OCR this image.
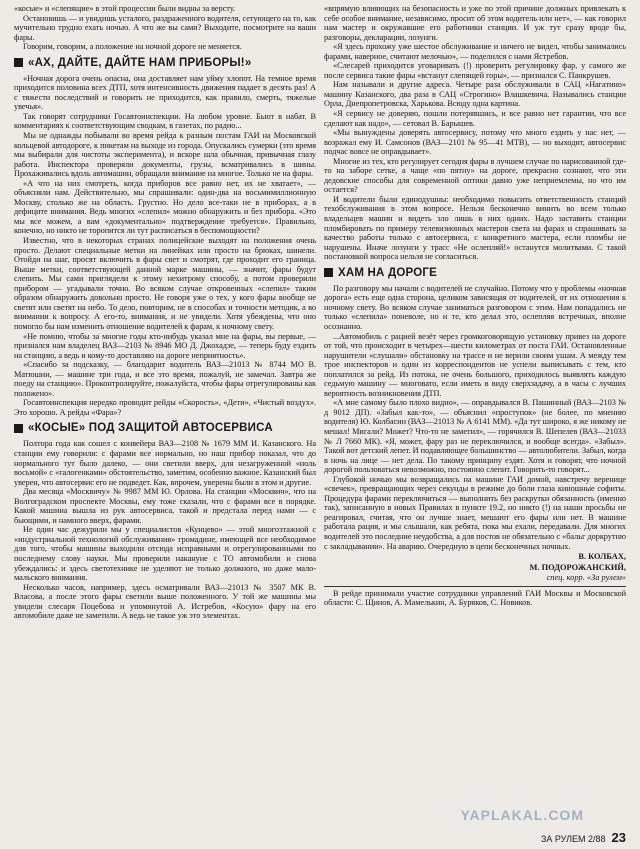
«косые» и «слепящие» в этой процессии были видны за версту.

Остановишь — и увидишь усталого, раздраженного водителя, сетующего на то, как мучительно трудно ехать ночью. А что же вы сами? Выходите, посмотрите на ваши фары.

Говорим, говорим, а положение на ночной дороге не меняется.

«АХ, ДАЙТЕ, ДАЙТЕ НАМ ПРИБОРЫ!»

«Ночная дорога очень опасна, она доставляет нам уйму хлопот. На темное время приходится половина всех ДТП, хотя интенсивность движения падает в десять раз! А с тяжести последствий и говорить не приходится, как правило, смерть, тяжелые увечья».

Так говорят сотрудники Госавтоинспекции. На любом уровне. Бьют в набат. В комментариях к соответствующим сводкам, в газетах, по радио...

Мы не однажды побывали во время рейда к разным постам ГАИ на Московской кольцевой автодороге, к пикетам на выходе из города. Опускались сумерки (это время мы выбирали для чистоты эксперимента), и вскоре шла обычная, привычная глазу работа. Инспектора проверяли документы, грузы, всматривались в шины. Прохаживались вдоль автомашин, обращали внимание на многое. Только не на фары.

«А что на них смотреть, когда приборов все равно нет, их не хватает», — объясняли нам. Действительно, мы спрашивали: один-два на восьмимиллионную Москву, столько же на область. Грустно. Но дело все-таки не в приборах, а в дефиците внимания. Ведь многих «слепил» можно обнаружить и без прибора. «Это мы все можем, а вам «документально» подтверждение требуется». Правильно, конечно, но никто не торопится ли тут расписаться в беспомощности?

Известно, что в некоторых странах полицейские выходят на положения очень просто. Делают специальные метки на линейках или просто на брюках, шинели. Отойди на шаг, просят включить в фары свет и смотрят, где проходит его граница. Выше метки, соответствующей данной марке машины, — значит, фары будут слепить. Мы сами приглядели к этому нехитрому способу, а потом проверили прибором — угадывали точно. Во всяком случае откровенных «слепил» таким образом обнаружить довольно просто. Не говоря уже о тех, у кого фары вообще не светят или светят на небо. То дело, повторим, не в способах и точности методик, а во внимании к вопросу. А его-то, внимания, и не увидели. Хотя убеждены, что оно помогло бы нам изменить отношение водителей к фарам, к ночному свету.

«Не помню, чтобы за многие годы кто-нибудь указал мне на фары, вы первые, — признался нам владелец ВАЗ—2103 № 8946 МО Д. Джохадзе, — теперь буду ездить на станцию, а ведь и кому-то доставляю на дороге неприятность».

«Спасибо за подсказку, — благодарит водитель ВАЗ—21013 № 8744 МО В. Матюшин, — машине три года, и все это время, пожалуй, не замечал. Завтра же поеду на станцию». Проконтролируйте, пожалуйста, чтобы фары отрегулированы как положено».

Госавтоинспекция нередко проводит рейды «Скорость», «Дети», «Чистый воздух». Это хорошо. А рейды «Фара»?

«КОСЫЕ» ПОД ЗАЩИТОЙ АВТОСЕРВИСА

Полтора года как сошел с конвейера ВАЗ—2108 № 1679 ММ И. Казанского. На станции ему говорили: с фарами все нормально, но наш прибор показал, что до нормального тут было далеко, — они светили вверх, для незагруженной «ноль восьмой» с «галогенками» обстоятельство, заметим, особенно важное. Казанский был уверен, что автосервис его не подведет. Как, впрочем, уверены были в этом и другие.

Два месяца «Москвичу» № 9987 ММ Ю. Орлова. На станции «Москвич», что на Волгоградском проспекте Москвы, ему тоже сказали, что с фарами все в порядке. Какой машина вышла из рук автосервиса, такой и предстала перед нами — с бьющими, и намного вверх, фарами.

Не один час дежурили мы у специалистов «Кунцево» — этой многоэтажной с «индустриальной технологий обслуживания» громадине, имеющей все необходимое для того, чтобы машины выходили отсюда исправными и отрегулированными по последнему слову науки. Мы проверили накануне с ТО автомобили и снова убеждались: и здесь светотехнике не уделяют не только должного, но даже мало-мальского внимания.

Несколько часов, например, здесь осматривали ВАЗ—21013 № 3507 МК В. Власова, а после этого фары светили выше положенного. У той же машины мы увидели слесаря Поцебова и упомянутой А. Истребов, «Косую» фару на его автомобиле даже не заметили. А ведь не такое уж это элементах.

«впрямую влияющих на безопасность и уже по этой причине должных привлекать к себе особое внимание, независимо, просит об этом водитель или нет», — как говорил нам мастер и окружавшие его работники станции. И уж тут сразу вроде бы, разговоры, декларации, лозунги.

«Я здесь прохожу уже шестое обслуживание и ничего не видел, чтобы занимались фарами, наверное, считают мелочью», — поделился с нами Ястребов.

«Слесарей приходится уговаривать (!) проверить регулировку фар, у самого же после сервиса такие фары «встанут слепящей горы», — признался С. Панкрушев.

Нам называли и другие адреса. Четыре раза обслуживали в САЦ «Нагатино» машину Казанского, два раза в САЦ «Строгино» Влашкевича. Назывались станции Орла, Днепропетровска, Харькова. Всюду одна картина.

«Я сервису не доверяю, пошли потерявшись, и все равно нет гарантии, что все сделают как надо», — сетовал В. Барышев.

«Мы вынуждены доверять автосервису, потому что много ездить у нас нет, — возражал ему И. Самсонов (ВАЗ—2101 № 95—41 МТВ), — но выходит, автосервис подчас вовсе не оправдывает».

Многие из тех, кто регулирует сегодня фары в лучшем случае по нарисованной где-то на заборе сетке, а чаще «по пятну» на дороге, прекрасно сознают, что эти дедовские способы для современной оптики давно уже неприемлемы, но что им остается?

И водители были единодушны: необходимо повысить ответственность станций техобслуживания в этом вопросе. Нельзя бесконечно винить во всем только владельцев машин и видеть зло лишь в них одних. Надо заставить станции пломбировать по примеру телевизионных мастеров света на фарах и спрашивать за качество работы только с автосервиса, с конкретного мастера, если пломбы не нарушены. Иначе лозунги у трасс «Не ослепляй!» останутся молитвами. С такой постановкой вопроса нельзя не согласиться.

ХАМ НА ДОРОГЕ

По разговору мы начали с водителей не случайно. Потому что у проблемы «ночная дорога» есть еще одна сторона, целиком зависящая от водителей, от их отношения к ночному свету. Во всяком случае заниматься разговором с этим. Нам попадались не только «слепила» поневоле, но и те, кто делал это, ослепляя встречных, вполне осознанно.

...Автомобиль с рацией везёт через громкоговорящую установку привез на дороге от той, что происходит в четырех—шести километрах от поста ГАИ. Остановленные нарушители «слушали» обстановку на трассе и не верили своим ушам. А между тем трое инспекторов и один из корреспондентов не успели выписывать с тем, кто поплатился за рейд. Из потока, не очень большого, приходилось выявлять каждую седьмую машину — многовато, если иметь в виду сверхзадачу, а в часы с лучших вероятность возникновения ДТП.

«А мне самому было плохо видно», — оправдывался В. Пашинный (ВАЗ—2103 № д 9012 ДП). «Забыл как-то», — объяснил «проступок» (не более, по мнению водителя) Ю. Колбасин (ВАЗ—21013 № А 6141 ММ). «Да тут широко, я же никому не мешал! Мигали? Может? Что-то не заметил», — горячился В. Шепелев (ВАЗ—21033 № Л 7660 МК). «Я, может, фару раз не переключился, и вообще всегда». «Забыл». Такой вот детский лепет. И подавляющее большинство — автолюбители. Забыл, когда в ночь на лице — нет дела. По такому принципу ездят. Хотя и говорят, что ночной дорогой пользоваться невозможно, постоянно слепит. Говорить-то говорят...

Глубокой ночью мы возвращались на машине ГАИ домой, навстречу веренице «свечек», превращающих через секунды в режиме до боли глаза киношные софиты. Процедура фарами переключиться — выполнить без раскрутки обязанность (именно так), записанную в новых Правилах в пункте 19.2, но никто (!) на наши просьбы не реагировал, считая, что он лучше знает, мешают его фары или нет. В машине работала рация, и мы слышали, как ребята, пока мы ехали, передавали. Для многих водителей это последние неудобства, а для постов не обязательно с «бальг доркрутню с закладывании». На аварию. Очередную в цепи бесконечных ночных.

В. КОЛБАХ,
М. ПОДОРОЖАНСКИЙ,
спец. корр. «За рулем»

В рейде принимали участие сотрудники управлений ГАИ Москвы и Московской области: С. Щинов, А. Мамелькин, А. Буряков, С. Новиков.

YAPLAKAL.COM
ЗА РУЛЕМ 2/88 23
